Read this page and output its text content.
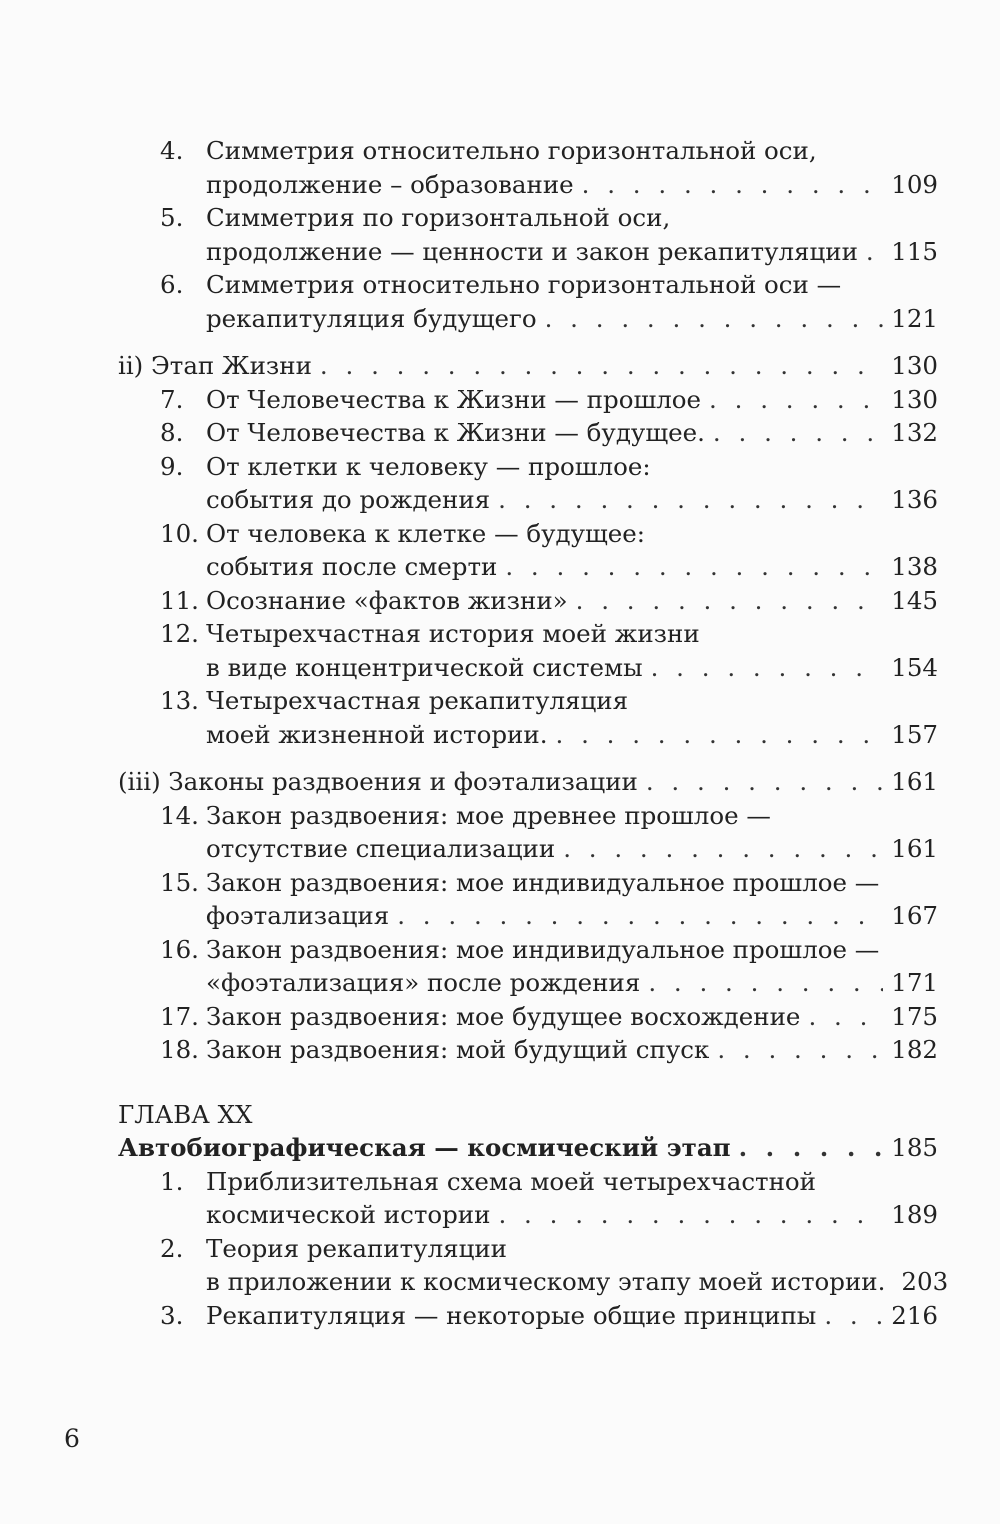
4. Симметрия относительно горизонтальной оси,
продолжение – образование . . .	109
5. Симметрия по горизонтальной оси,
продолжение — ценности и закон рекапитуляции . . . 115
6. Симметрия относительно горизонтальной оси —
рекапитуляция будущего . . .	121
ii) Этап Жизни . . .	130
7. От Человечества к Жизни — прошлое . . .	130
8. От Человечества к Жизни — будущее. . . .	132
9. От клетки к человеку — прошлое:
события до рождения . . .	136
10. От человека к клетке — будущее:
события после смерти . . .	138
11. Осознание «фактов жизни» . . .	145
12. Четырехчастная история моей жизни
в виде концентрической системы . . .	154
13. Четырехчастная рекапитуляция
моей жизненной истории. . . .	157
(iii) Законы раздвоения и фоэтализации . . .	161
14. Закон раздвоения: мое древнее прошлое —
отсутствие специализации . . .	161
15. Закон раздвоения: мое индивидуальное прошлое —
фоэтализация . . .	167
16. Закон раздвоения: мое индивидуальное прошлое —
«фоэтализация» после рождения . . .	171
17. Закон раздвоения: мое будущее восхождение . . .	175
18. Закон раздвоения: мой будущий спуск . . .	182
ГЛАВА XX
Автобиографическая — космический этап . . .	185
1. Приблизительная схема моей четырехчастной
космической истории . . .	189
2. Теория рекапитуляции
в приложении к космическому этапу моей истории. 203
3. Рекапитуляция — некоторые общие принципы . . .	216
6
